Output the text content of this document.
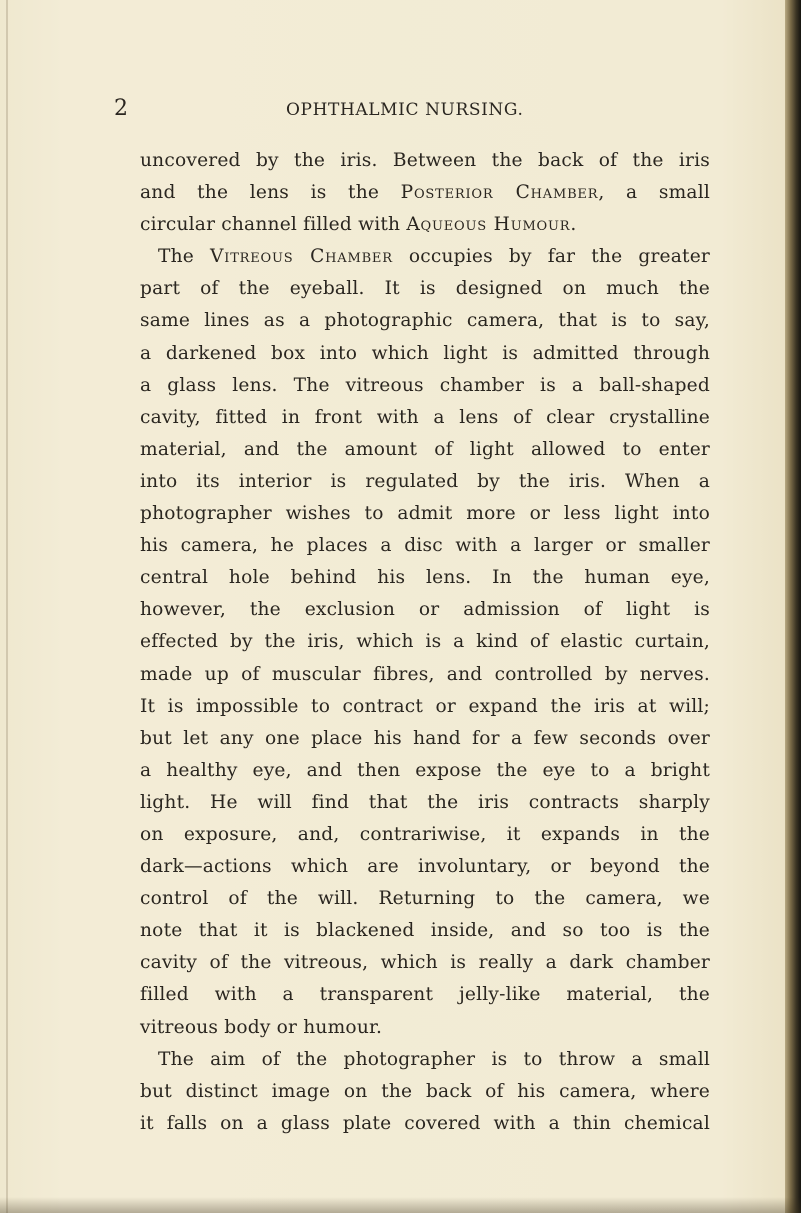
2	OPHTHALMIC NURSING.
uncovered by the iris. Between the back of the iris
and the lens is the Posterior Chamber, a small
circular channel filled with Aqueous Humour.
The Vitreous Chamber occupies by far the greater
part of the eyeball. It is designed on much the
same lines as a photographic camera, that is to say,
a darkened box into which light is admitted through
a glass lens. The vitreous chamber is a ball-shaped
cavity, fitted in front with a lens of clear crystalline
material, and the amount of light allowed to enter
into its interior is regulated by the iris. When a
photographer wishes to admit more or less light into
his camera, he places a disc with a larger or smaller
central hole behind his lens. In the human eye,
however, the exclusion or admission of light is
effected by the iris, which is a kind of elastic curtain,
made up of muscular fibres, and controlled by nerves.
It is impossible to contract or expand the iris at will;
but let any one place his hand for a few seconds over
a healthy eye, and then expose the eye to a bright
light. He will find that the iris contracts sharply
on exposure, and, contrariwise, it expands in the
dark—actions which are involuntary, or beyond the
control of the will. Returning to the camera, we
note that it is blackened inside, and so too is the
cavity of the vitreous, which is really a dark chamber
filled with a transparent jelly-like material, the
vitreous body or humour.
The aim of the photographer is to throw a small
but distinct image on the back of his camera, where
it falls on a glass plate covered with a thin chemical
